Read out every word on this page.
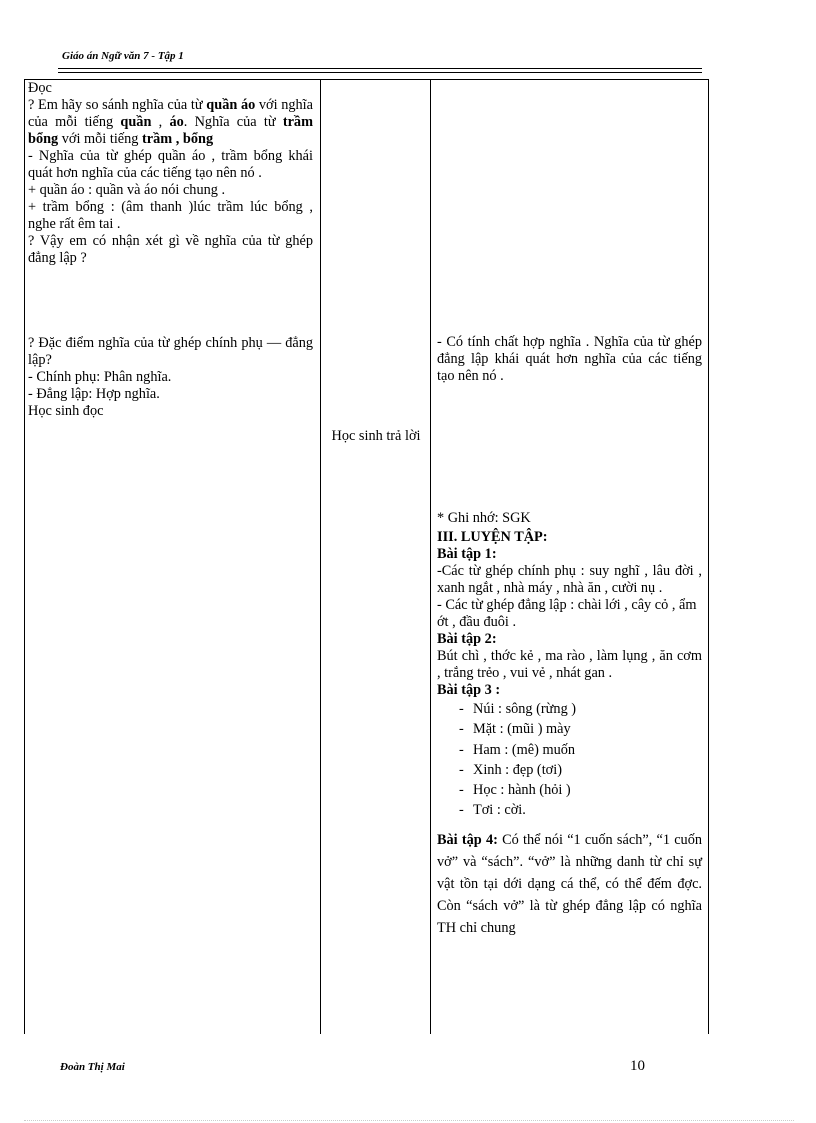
Giáo án Ngữ văn 7 - Tập 1

Đọc

? Em hãy so sánh nghĩa của từ quần áo với nghĩa của mỗi tiếng quần , áo. Nghĩa của từ trầm bổng với mỗi tiếng trầm , bổng

- Nghĩa của từ ghép quần áo , trầm bổng khái quát hơn nghĩa của các tiếng tạo nên nó .

+ quần áo : quần và áo nói chung .

+ trầm bổng : (âm thanh )lúc trầm lúc bổng , nghe rất êm tai .

? Vậy em có nhận xét gì về nghĩa của từ ghép đẳng lập ?

? Đặc điểm nghĩa của từ ghép chính phụ — đẳng lập?

- Chính phụ: Phân nghĩa.

- Đẳng lập: Hợp nghĩa.

Học sinh đọc

Học sinh trả lời
- Có tính chất hợp nghĩa . Nghĩa của từ ghép đẳng lập khái quát hơn nghĩa của các tiếng tạo nên nó .

* Ghi nhớ: SGK

III. LUYỆN TẬP:

Bài tập 1:

-Các từ ghép chính phụ : suy nghĩ , lâu đời , xanh ngắt , nhà máy , nhà ăn , cười nụ .

- Các từ ghép đẳng lập : chài lới , cây cỏ , ẩm ớt , đầu đuôi .

Bài tập 2:

Bút chì , thớc kẻ , ma rào , làm lụng , ăn cơm , trắng trẻo , vui vẻ , nhát gan .

Bài tập 3 :

- Núi : sông (rừng )
- Mặt : (mũi ) mày
- Ham : (mê) muốn
- Xinh : đẹp (tơi)
- Học : hành (hỏi )
- Tơi : cời.

Bài tập 4: Có thể nói “1 cuốn sách”, “1 cuốn vở” và “sách”. “vở” là những danh từ chỉ sự vật tồn tại dới dạng cá thể, có thể đếm đợc. Còn “sách vở” là từ ghép đẳng lập có nghĩa TH chỉ chung

Đoàn Thị Mai	10
